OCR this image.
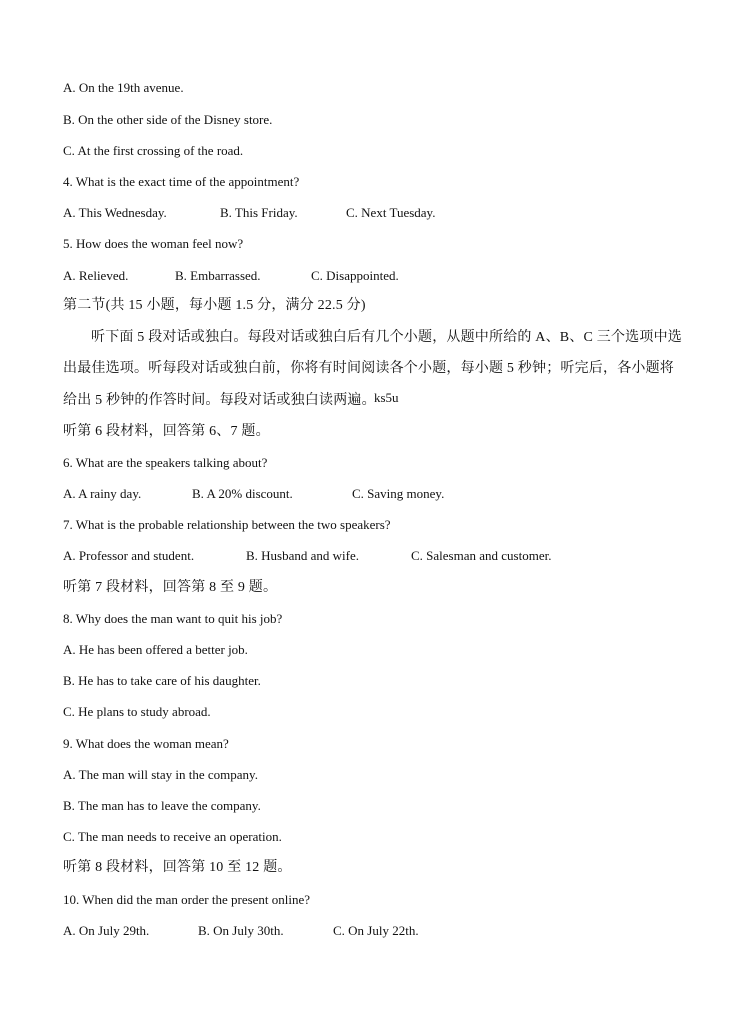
A. On the 19th avenue.
B. On the other side of the Disney store.
C. At the first crossing of the road.
4. What is the exact time of the appointment?
A. This Wednesday.	B. This Friday.	C. Next Tuesday.
5. How does the woman feel now?
A. Relieved.	B. Embarrassed.	C. Disappointed.
第二节(共 15 小题，每小题 1.5 分，满分 22.5 分)
听下面 5 段对话或独白。每段对话或独白后有几个小题，从题中所给的 A、B、C 三个选项中选
出最佳选项。听每段对话或独白前，你将有时间阅读各个小题，每小题 5 秒钟；听完后，各小题将
给出 5 秒钟的作答时间。每段对话或独白读两遍。
ks5u
听第 6 段材料，回答第 6、7 题。
6. What are the speakers talking about?
A. A rainy day.	B. A 20% discount.	C. Saving money.
7. What is the probable relationship between the two speakers?
A. Professor and student.	B. Husband and wife.	C. Salesman and customer.
听第 7 段材料，回答第 8 至 9 题。
8. Why does the man want to quit his job?
A. He has been offered a better job.
B. He has to take care of his daughter.
C. He plans to study abroad.
9. What does the woman mean?
A. The man will stay in the company.
B. The man has to leave the company.
C. The man needs to receive an operation.
听第 8 段材料，回答第 10 至 12 题。
10. When did the man order the present online?
A. On July 29th.	B. On July 30th.	C. On July 22th.
